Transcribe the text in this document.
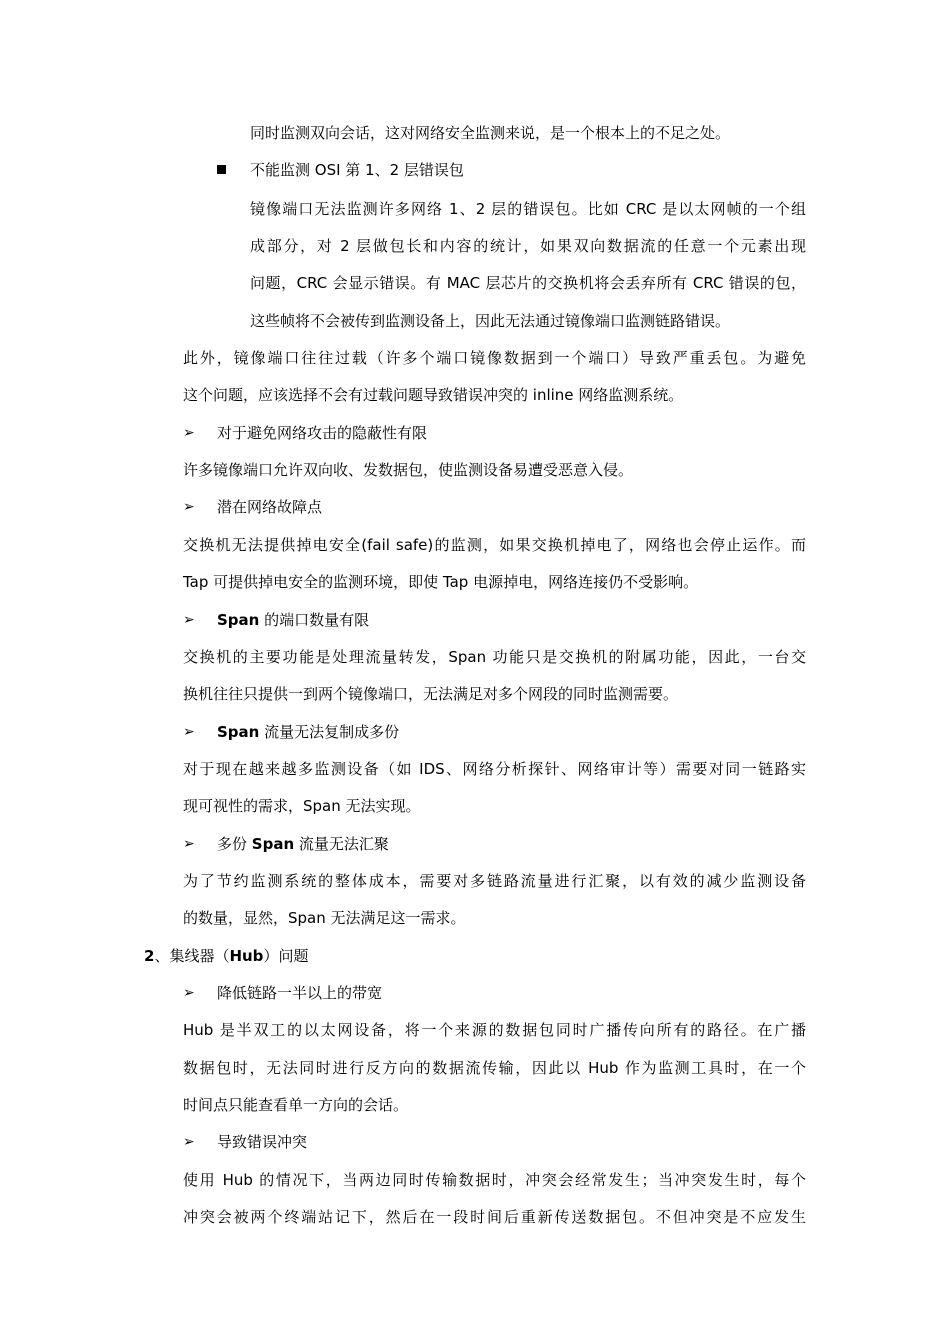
同时监测双向会话，这对网络安全监测来说，是一个根本上的不足之处。
不能监测 OSI 第 1、2 层错误包
镜像端口无法监测许多网络 1、2 层的错误包。比如 CRC 是以太网帧的一个组
成部分，对 2 层做包长和内容的统计，如果双向数据流的任意一个元素出现
问题，CRC 会显示错误。有 MAC 层芯片的交换机将会丢弃所有 CRC 错误的包，
这些帧将不会被传到监测设备上，因此无法通过镜像端口监测链路错误。
此外，镜像端口往往过载（许多个端口镜像数据到一个端口）导致严重丢包。为避免
这个问题，应该选择不会有过载问题导致错误冲突的 inline 网络监测系统。
➢ 对于避免网络攻击的隐蔽性有限
许多镜像端口允许双向收、发数据包，使监测设备易遭受恶意入侵。
➢ 潜在网络故障点
交换机无法提供掉电安全(fail safe)的监测，如果交换机掉电了，网络也会停止运作。而
Tap 可提供掉电安全的监测环境，即使 Tap 电源掉电，网络连接仍不受影响。
➢ Span 的端口数量有限
交换机的主要功能是处理流量转发，Span 功能只是交换机的附属功能，因此，一台交
换机往往只提供一到两个镜像端口，无法满足对多个网段的同时监测需要。
➢ Span 流量无法复制成多份
对于现在越来越多监测设备（如 IDS、网络分析探针、网络审计等）需要对同一链路实
现可视性的需求，Span 无法实现。
➢ 多份 Span 流量无法汇聚
为了节约监测系统的整体成本，需要对多链路流量进行汇聚，以有效的减少监测设备
的数量，显然，Span 无法满足这一需求。
2、集线器（Hub）问题
➢ 降低链路一半以上的带宽
Hub 是半双工的以太网设备，将一个来源的数据包同时广播传向所有的路径。在广播
数据包时，无法同时进行反方向的数据流传输，因此以 Hub 作为监测工具时，在一个
时间点只能查看单一方向的会话。
➢ 导致错误冲突
使用 Hub 的情况下，当两边同时传输数据时，冲突会经常发生；当冲突发生时，每个
冲突会被两个终端站记下，然后在一段时间后重新传送数据包。不但冲突是不应发生
